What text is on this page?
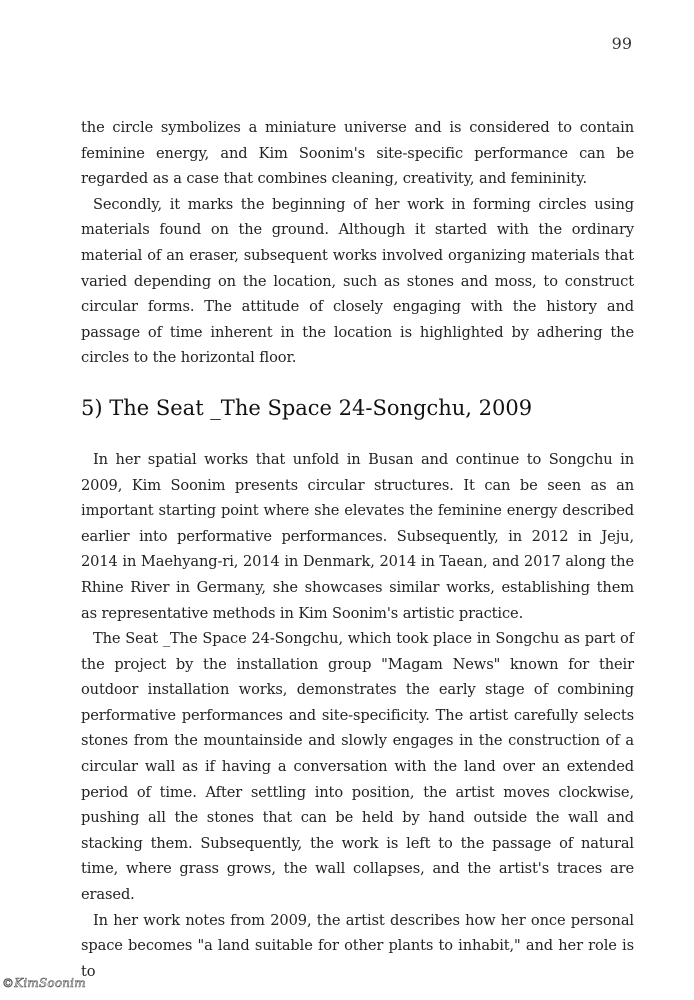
99

the circle symbolizes a miniature universe and is considered to contain feminine energy, and Kim Soonim's site-specific performance can be regarded as a case that combines cleaning, creativity, and femininity.

Secondly, it marks the beginning of her work in forming circles using materials found on the ground. Although it started with the ordinary material of an eraser, subsequent works involved organizing materials that varied depending on the location, such as stones and moss, to construct circular forms. The attitude of closely engaging with the history and passage of time inherent in the location is highlighted by adhering the circles to the horizontal floor.

5) The Seat _The Space 24-Songchu, 2009

In her spatial works that unfold in Busan and continue to Songchu in 2009, Kim Soonim presents circular structures. It can be seen as an important starting point where she elevates the feminine energy described earlier into performative performances. Subsequently, in 2012 in Jeju, 2014 in Maehyang-ri, 2014 in Denmark, 2014 in Taean, and 2017 along the Rhine River in Germany, she showcases similar works, establishing them as representative methods in Kim Soonim's artistic practice.

The Seat _The Space 24-Songchu, which took place in Songchu as part of the project by the installation group "Magam News" known for their outdoor installation works, demonstrates the early stage of combining performative performances and site-specificity. The artist carefully selects stones from the mountainside and slowly engages in the construction of a circular wall as if having a conversation with the land over an extended period of time. After settling into position, the artist moves clockwise, pushing all the stones that can be held by hand outside the wall and stacking them. Subsequently, the work is left to the passage of natural time, where grass grows, the wall collapses, and the artist's traces are erased.

In her work notes from 2009, the artist describes how her once personal space becomes "a land suitable for other plants to inhabit," and her role is to

©KimSoonim
